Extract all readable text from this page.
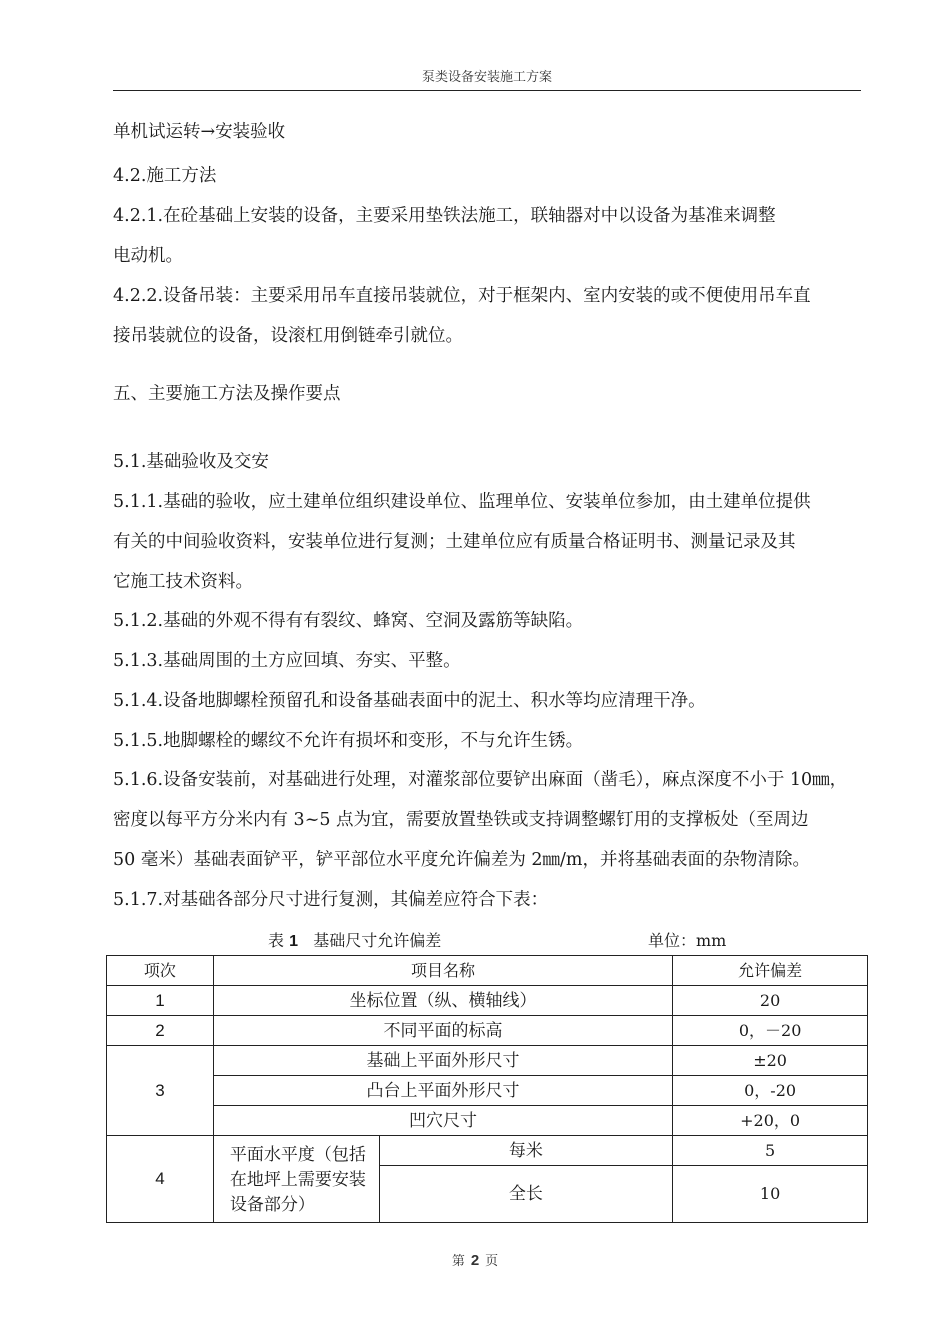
泵类设备安装施工方案
单机试运转→安装验收
4.2.施工方法
4.2.1.在砼基础上安装的设备，主要采用垫铁法施工，联轴器对中以设备为基准来调整
电动机。
4.2.2.设备吊装：主要采用吊车直接吊装就位，对于框架内、室内安装的或不便使用吊车直
接吊装就位的设备，设滚杠用倒链牵引就位。
五、主要施工方法及操作要点
5.1.基础验收及交安
5.1.1.基础的验收，应土建单位组织建设单位、监理单位、安装单位参加，由土建单位提供
有关的中间验收资料，安装单位进行复测；土建单位应有质量合格证明书、测量记录及其
它施工技术资料。
5.1.2.基础的外观不得有有裂纹、蜂窝、空洞及露筋等缺陷。
5.1.3.基础周围的土方应回填、夯实、平整。
5.1.4.设备地脚螺栓预留孔和设备基础表面中的泥土、积水等均应清理干净。
5.1.5.地脚螺栓的螺纹不允许有损坏和变形，不与允许生锈。
5.1.6.设备安装前，对基础进行处理，对灌浆部位要铲出麻面（凿毛），麻点深度不小于 10㎜，
密度以每平方分米内有 3~5 点为宜，需要放置垫铁或支持调整螺钉用的支撑板处（至周边
50 毫米）基础表面铲平，铲平部位水平度允许偏差为 2㎜/m，并将基础表面的杂物清除。
5.1.7.对基础各部分尺寸进行复测，其偏差应符合下表：
表 1 基础尺寸允许偏差	单位：mm
项次	项目名称		允许偏差
1	坐标位置（纵、横轴线）		20
2	不同平面的标高		0，－20
3	基础上平面外形尺寸		±20
	凸台上平面外形尺寸		0，-20
	凹穴尺寸		+20，0
4	平面水平度（包括在地坪上需要安装设备部分）	每米	5
		全长	10
第 2 页
